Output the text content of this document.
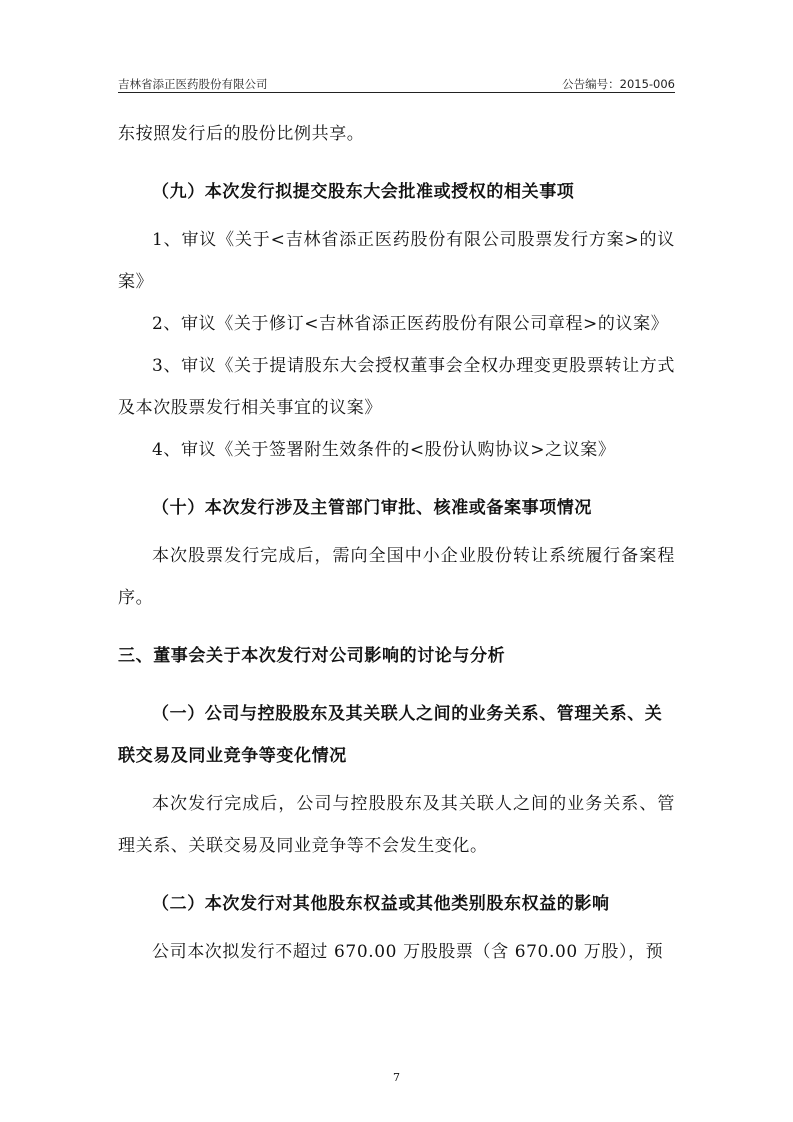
吉林省添正医药股份有限公司	公告编号：2015-006

东按照发行后的股份比例共享。

（九）本次发行拟提交股东大会批准或授权的相关事项

1、审议《关于<吉林省添正医药股份有限公司股票发行方案>的议案》

2、审议《关于修订<吉林省添正医药股份有限公司章程>的议案》

3、审议《关于提请股东大会授权董事会全权办理变更股票转让方式及本次股票发行相关事宜的议案》

4、审议《关于签署附生效条件的<股份认购协议>之议案》

（十）本次发行涉及主管部门审批、核准或备案事项情况

本次股票发行完成后，需向全国中小企业股份转让系统履行备案程序。

三、董事会关于本次发行对公司影响的讨论与分析

（一）公司与控股股东及其关联人之间的业务关系、管理关系、关联交易及同业竞争等变化情况

本次发行完成后，公司与控股股东及其关联人之间的业务关系、管理关系、关联交易及同业竞争等不会发生变化。

（二）本次发行对其他股东权益或其他类别股东权益的影响

公司本次拟发行不超过 670.00 万股股票（含 670.00 万股），预

7
